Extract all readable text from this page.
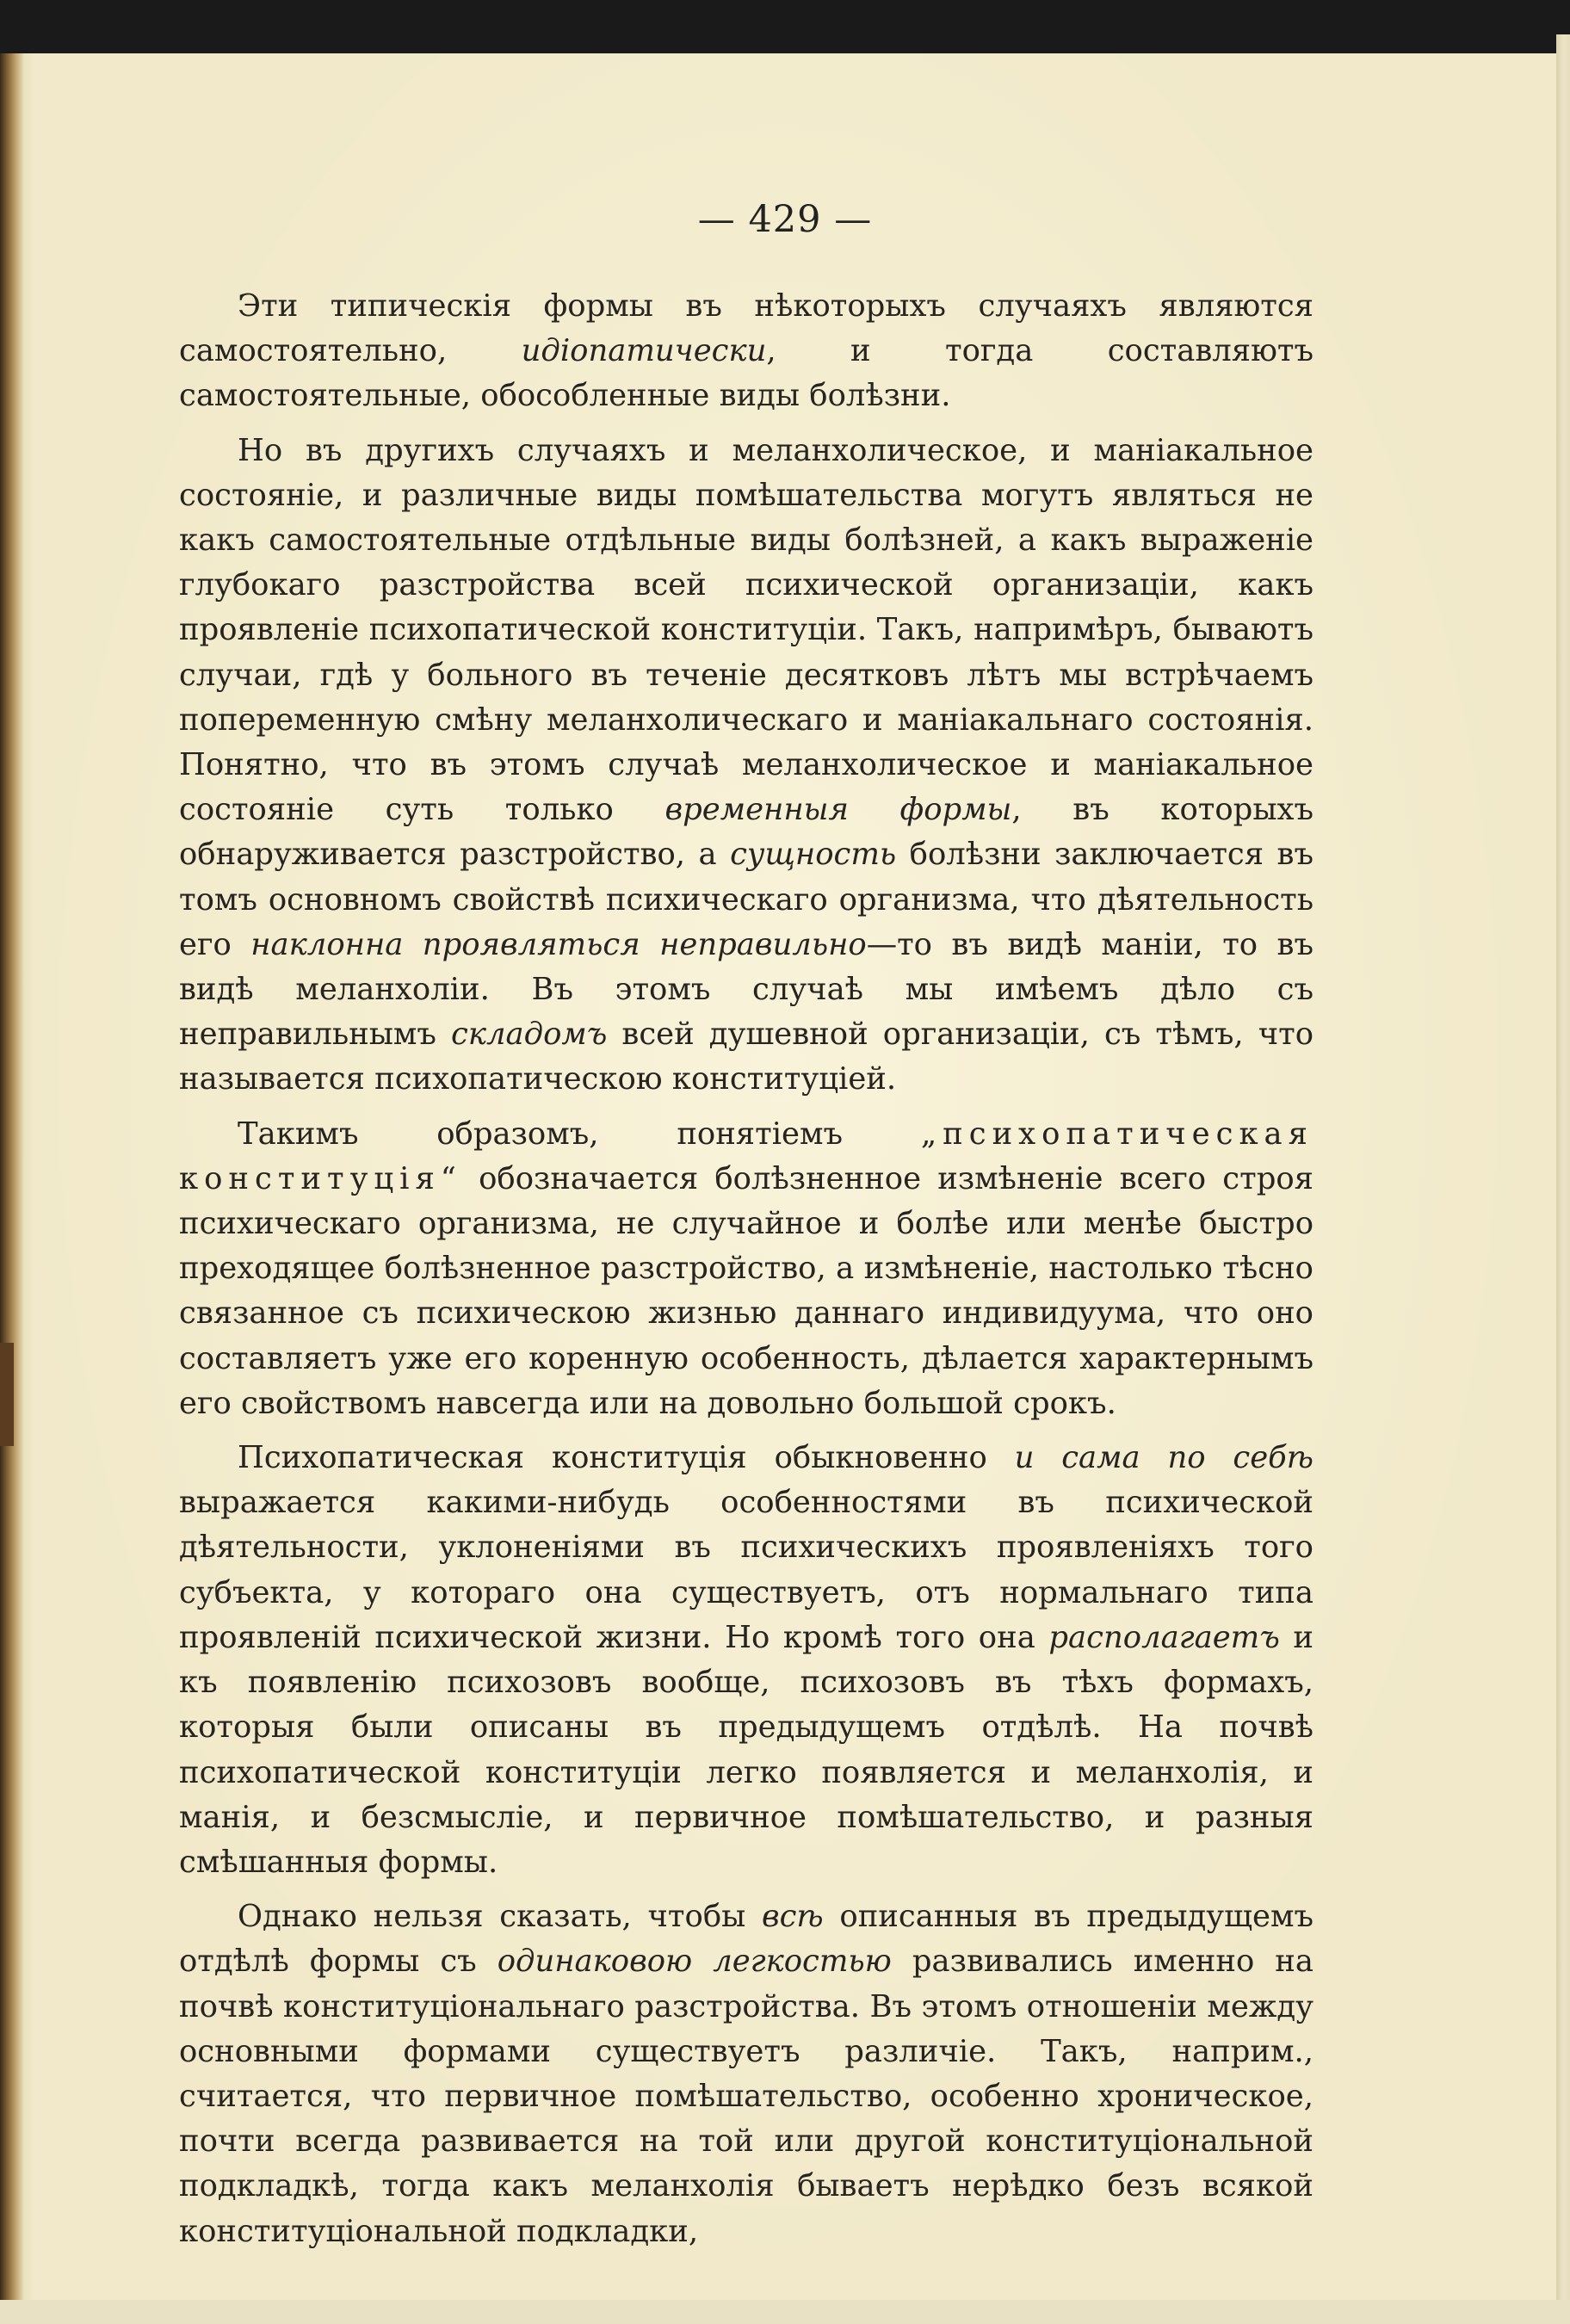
— 429 —

Эти типическія формы въ нѣкоторыхъ случаяхъ являются самостоятельно, идіопатически, и тогда составляютъ самостоятельные, обособленные виды болѣзни.

Но въ другихъ случаяхъ и меланхолическое, и маніакальное состояніе, и различные виды помѣшательства могутъ являться не какъ самостоятельные отдѣльные виды болѣзней, а какъ выраженіе глубокаго разстройства всей психической организаціи, какъ проявленіе психопатической конституціи. Такъ, напримѣръ, бываютъ случаи, гдѣ у больного въ теченіе десятковъ лѣтъ мы встрѣчаемъ попеременную смѣну меланхолическаго и маніакальнаго состоянія. Понятно, что въ этомъ случаѣ меланхолическое и маніакальное состояніе суть только временныя формы, въ которыхъ обнаруживается разстройство, а сущность болѣзни заключается въ томъ основномъ свойствѣ психическаго организма, что дѣятельность его наклонна проявляться неправильно—то въ видѣ маніи, то въ видѣ меланхоліи. Въ этомъ случаѣ мы имѣемъ дѣло съ неправильнымъ складомъ всей душевной организаціи, съ тѣмъ, что называется психопатическою конституціей.

Такимъ образомъ, понятіемъ „психопатическая конституція“ обозначается болѣзненное измѣненіе всего строя психическаго организма, не случайное и болѣе или менѣе быстро преходящее болѣзненное разстройство, а измѣненіе, настолько тѣсно связанное съ психическою жизнью даннаго индивидуума, что оно составляетъ уже его коренную особенность, дѣлается характернымъ его свойствомъ навсегда или на довольно большой срокъ.

Психопатическая конституція обыкновенно и сама по себѣ выражается какими-нибудь особенностями въ психической дѣятельности, уклоненіями въ психическихъ проявленіяхъ того субъекта, у котораго она существуетъ, отъ нормальнаго типа проявленій психической жизни. Но кромѣ того она располагаетъ и къ появленію психозовъ вообще, психозовъ въ тѣхъ формахъ, которыя были описаны въ предыдущемъ отдѣлѣ. На почвѣ психопатической конституціи легко появляется и меланхолія, и манія, и безсмысліе, и первичное помѣшательство, и разныя смѣшанныя формы.

Однако нельзя сказать, чтобы всѣ описанныя въ предыдущемъ отдѣлѣ формы съ одинаковою легкостью развивались именно на почвѣ конституціональнаго разстройства. Въ этомъ отношеніи между основными формами существуетъ различіе. Такъ, наприм., считается, что первичное помѣшательство, особенно хроническое, почти всегда развивается на той или другой конституціональной подкладкѣ, тогда какъ меланхолія бываетъ нерѣдко безъ всякой конституціональной подкладки,
